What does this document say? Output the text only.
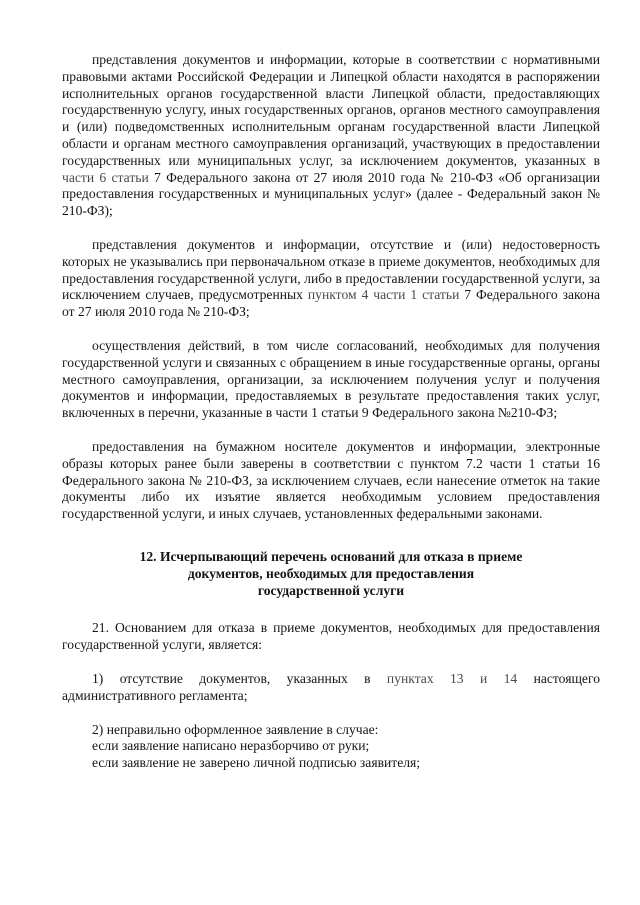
представления документов и информации, которые в соответствии с нормативными правовыми актами Российской Федерации и Липецкой области находятся в распоряжении исполнительных органов государственной власти Липецкой области, предоставляющих государственную услугу, иных государственных органов, органов местного самоуправления и (или) подведомственных исполнительным органам государственной власти Липецкой области и органам местного самоуправления организаций, участвующих в предоставлении государственных или муниципальных услуг, за исключением документов, указанных в части 6 статьи 7 Федерального закона от 27 июля 2010 года № 210-ФЗ «Об организации предоставления государственных и муниципальных услуг» (далее - Федеральный закон № 210-ФЗ);

представления документов и информации, отсутствие и (или) недостоверность которых не указывались при первоначальном отказе в приеме документов, необходимых для предоставления государственной услуги, либо в предоставлении государственной услуги, за исключением случаев, предусмотренных пунктом 4 части 1 статьи 7 Федерального закона от 27 июля 2010 года № 210-ФЗ;

осуществления действий, в том числе согласований, необходимых для получения государственной услуги и связанных с обращением в иные государственные органы, органы местного самоуправления, организации, за исключением получения услуг и получения документов и информации, предоставляемых в результате предоставления таких услуг, включенных в перечни, указанные в части 1 статьи 9 Федерального закона №210-ФЗ;

предоставления на бумажном носителе документов и информации, электронные образы которых ранее были заверены в соответствии с пунктом 7.2 части 1 статьи 16 Федерального закона № 210-ФЗ, за исключением случаев, если нанесение отметок на такие документы либо их изъятие является необходимым условием предоставления государственной услуги, и иных случаев, установленных федеральными законами.

12. Исчерпывающий перечень оснований для отказа в приеме
документов, необходимых для предоставления
государственной услуги

21. Основанием для отказа в приеме документов, необходимых для предоставления государственной услуги, является:

1) отсутствие документов, указанных в пунктах 13 и 14 настоящего административного регламента;

2) неправильно оформленное заявление в случае:

если заявление написано неразборчиво от руки;

если заявление не заверено личной подписью заявителя;
